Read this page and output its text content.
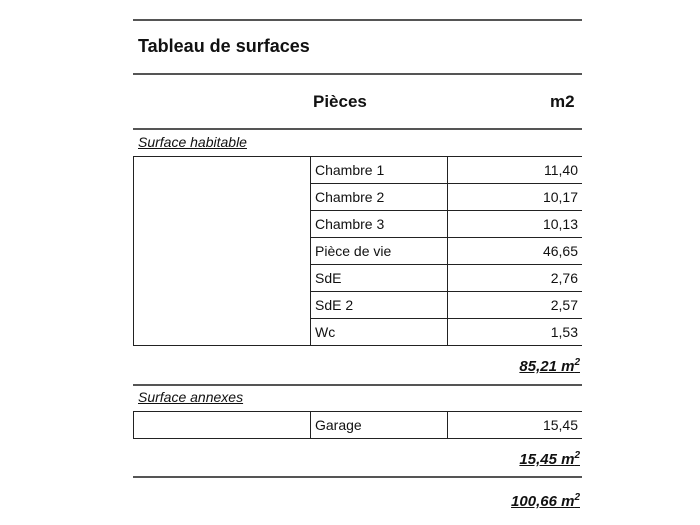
Tableau de surfaces
Pièces	m2
Surface habitable
	Chambre 1	11,40
	Chambre 2	10,17
	Chambre 3	10,13
	Pièce de vie	46,65
	SdE	2,76
	SdE 2	2,57
	Wc	1,53
85,21 $m^2$
Surface annexes
	Garage	15,45
15,45 $m^2$
100,66 $m^2$
